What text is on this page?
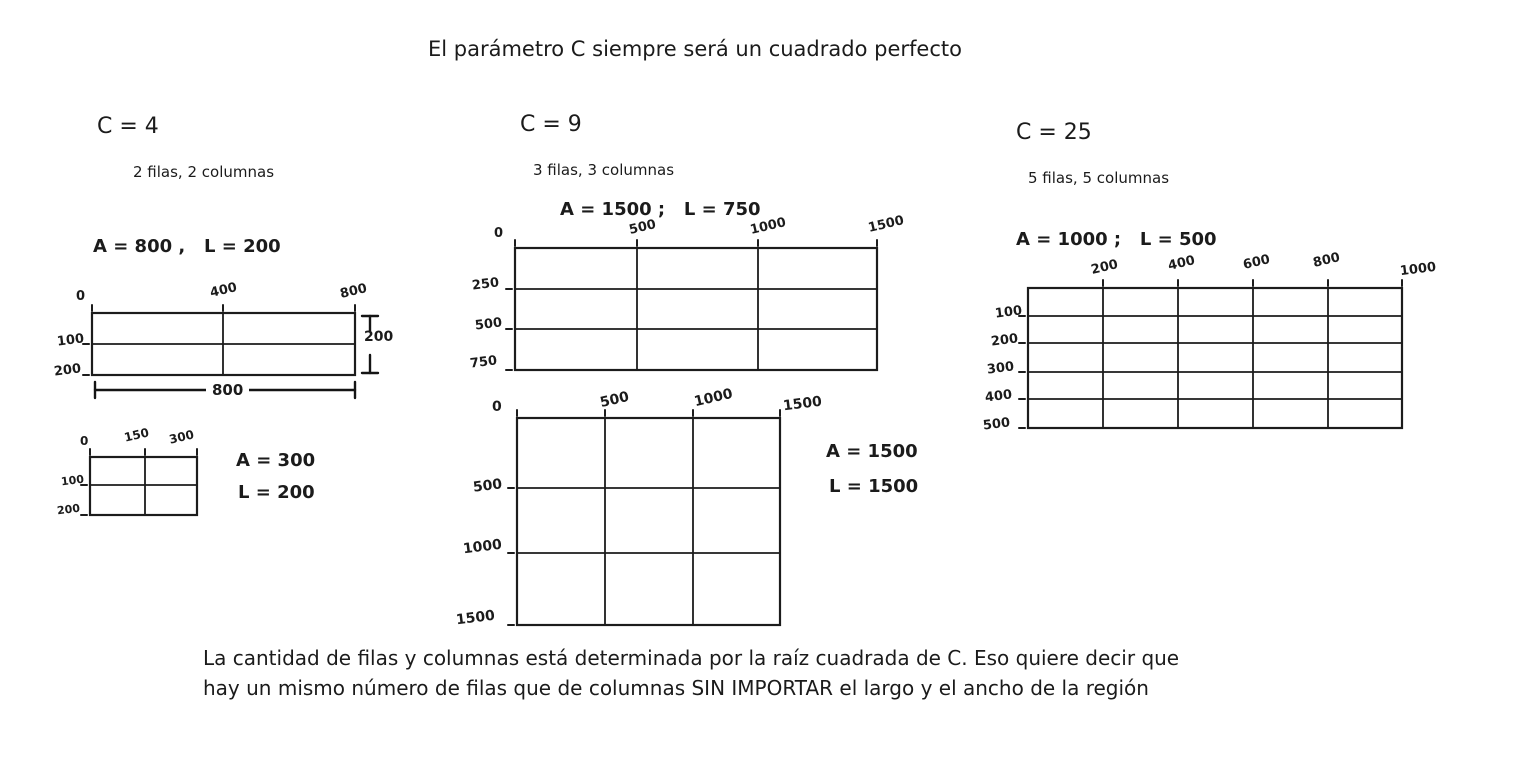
El parámetro C siempre será un cuadrado perfecto
C = 4
2 filas, 2 columnas
A = 800 ,   L = 200
0	400	800
100
200
200
800
0	150 300
100
200
A = 300
L = 200
C = 9
3 filas, 3 columnas
A = 1500 ;   L = 750
0	500	1000	1500
250
500
750
0	500	1000	1500
500
1000
1500
A = 1500
L = 1500
C = 25
5 filas, 5 columnas
A = 1000 ;   L = 500
200	400	600	800	1000
100
200
300
400
500
La cantidad de filas y columnas está determinada por la raíz cuadrada de C. Eso quiere decir que
hay un mismo número de filas que de columnas SIN IMPORTAR el largo y el ancho de la región
